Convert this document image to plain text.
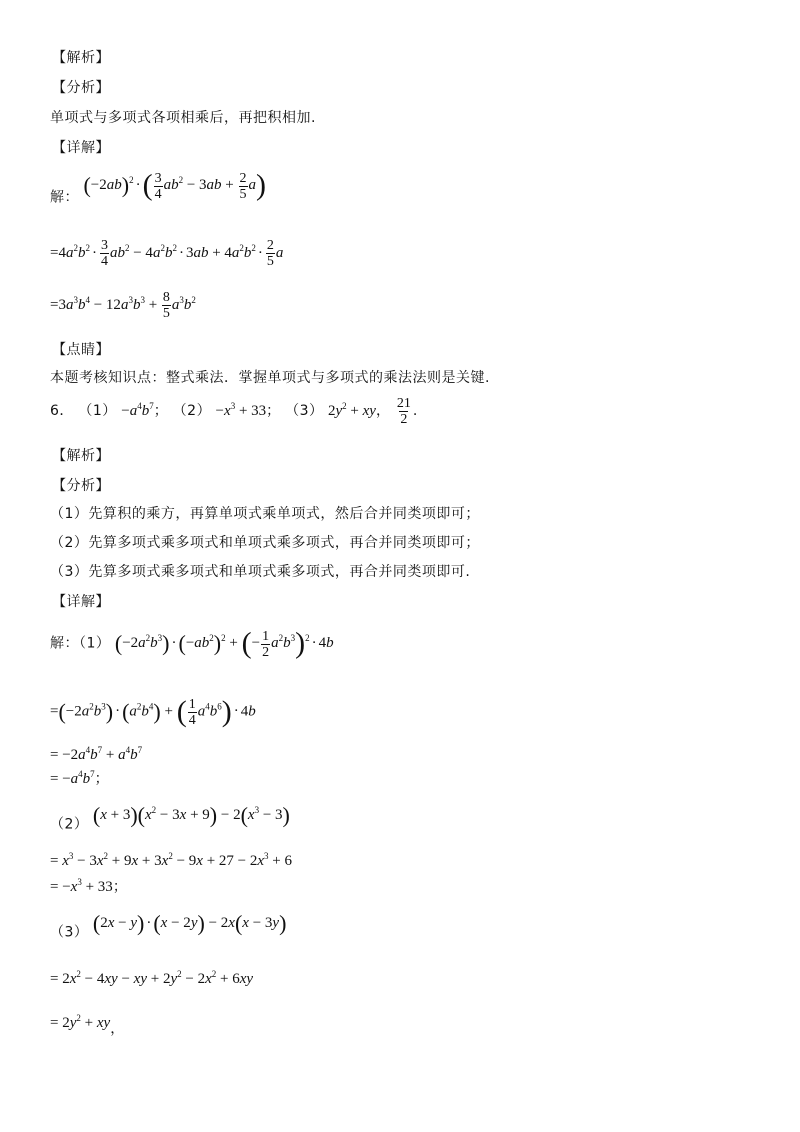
【解析】
【分析】
单项式与多项式各项相乘后，再把积相加.
【详解】
解： $(-2ab)^2$ ·( $\frac{3}{4} ab^2 - 3ab + \frac{2}{5} a$)
$=4a^2b^2 \cdot \frac{3}{4} ab^2 - 4a^2b^2 \cdot 3ab + 4a^2b^2 \cdot \frac{2}{5}$ a
$=3a^3b^4 - 12a^3b^3 + \frac{8}{5} a^3b^2$
【点睛】
本题考核知识点：整式乘法．掌握单项式与多项式的乘法法则是关键.
6． $(1) -a^4b^7$； $(2) -x^3 + 33$； （3） $2y^2$ + xy， $\frac{21}{2}$ .
【解析】
【分析】
（1）先算积的乘方，再算单项式乘单项式，然后合并同类项即可；
（2）先算多项式乘多项式和单项式乘多项式，再合并同类项即可；
（3）先算多项式乘多项式和单项式乘多项式，再合并同类项即可.
【详解】
解：（1） $(-2a^2b^3) \cdot(-ab^2)^2$ + (− $\frac{1}{2} a^2b^3)^2 \cdot 4b$
$=(-2a^2b^3) \cdot(a^2b^4)$ + ( $\frac{1}{4} a^4b^6) \cdot 4b$
= $-2a^4b^7 + a^4b^7$
= $-a^4b^7$；
（2） $(x + 3)(x^2 - 3x + 9) - 2(x^3 - 3)$
= $x^3 - 3x^2 + 9x + 3x^2 - 9x + 27 - 2x^3 + 6$
= $-x^3 + 33$；
（3） (2x − y) ·(x − 2y) − 2x(x − 3y)
= $2x^2 - 4xy$ − xy + $2y^2 - 2x^2 + 6xy$
= $2y^2$ + xy，
